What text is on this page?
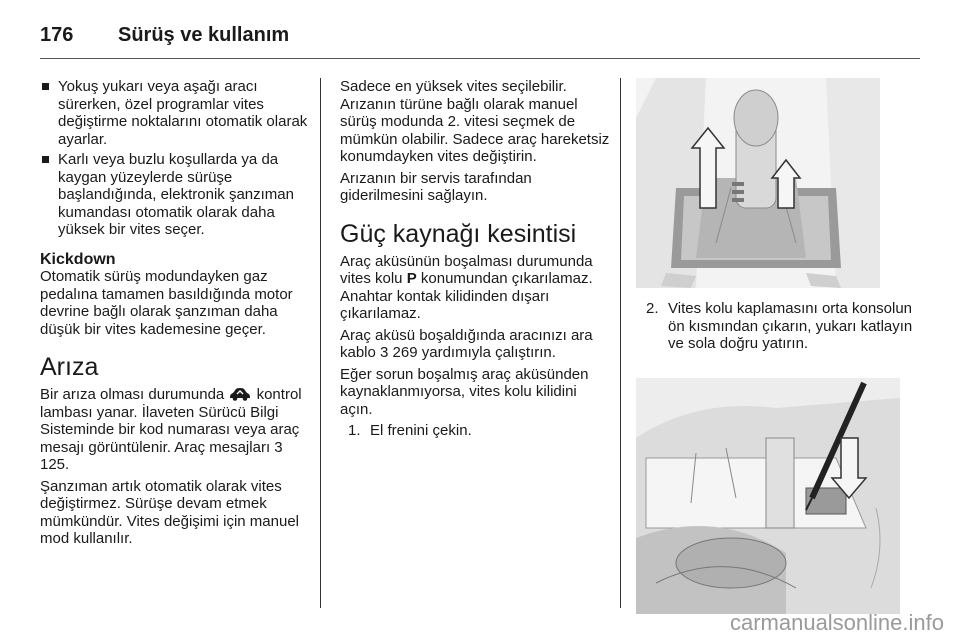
176 Sürüş ve kullanım
Yokuş yukarı veya aşağı aracı sürerken, özel programlar vites değiştirme noktalarını otomatik olarak ayarlar.
Karlı veya buzlu koşullarda ya da kaygan yüzeylerde sürüşe başlandığında, elektronik şanzıman kumandası otomatik olarak daha yüksek bir vites seçer.
Kickdown

Otomatik sürüş modundayken gaz pedalına tamamen basıldığında motor devrine bağlı olarak şanzıman daha düşük bir vites kademesine geçer.

Arıza

Bir arıza olması durumunda kontrol lambası yanar. İlaveten Sürücü Bilgi Sisteminde bir kod numarası veya araç mesajı görüntülenir. Araç mesajları 3 125.

Şanzıman artık otomatik olarak vites değiştirmez. Sürüşe devam etmek mümkündür. Vites değişimi için manuel mod kullanılır.

Sadece en yüksek vites seçilebilir. Arızanın türüne bağlı olarak manuel sürüş modunda 2. vitesi seçmek de mümkün olabilir. Sadece araç hareketsiz konumdayken vites değiştirin.

Arızanın bir servis tarafından giderilmesini sağlayın.

Güç kaynağı kesintisi

Araç aküsünün boşalması durumunda vites kolu P konumundan çıkarılamaz. Anahtar kontak kilidinden dışarı çıkarılamaz.

Araç aküsü boşaldığında aracınızı ara kablo 3 269 yardımıyla çalıştırın.

Eğer sorun boşalmış araç aküsünden kaynaklanmıyorsa, vites kolu kilidini açın.

1. El frenini çekin.
2. Vites kolu kaplamasını orta konsolun ön kısmından çıkarın, yukarı katlayın ve sola doğru yatırın.
carmanualsonline.info
